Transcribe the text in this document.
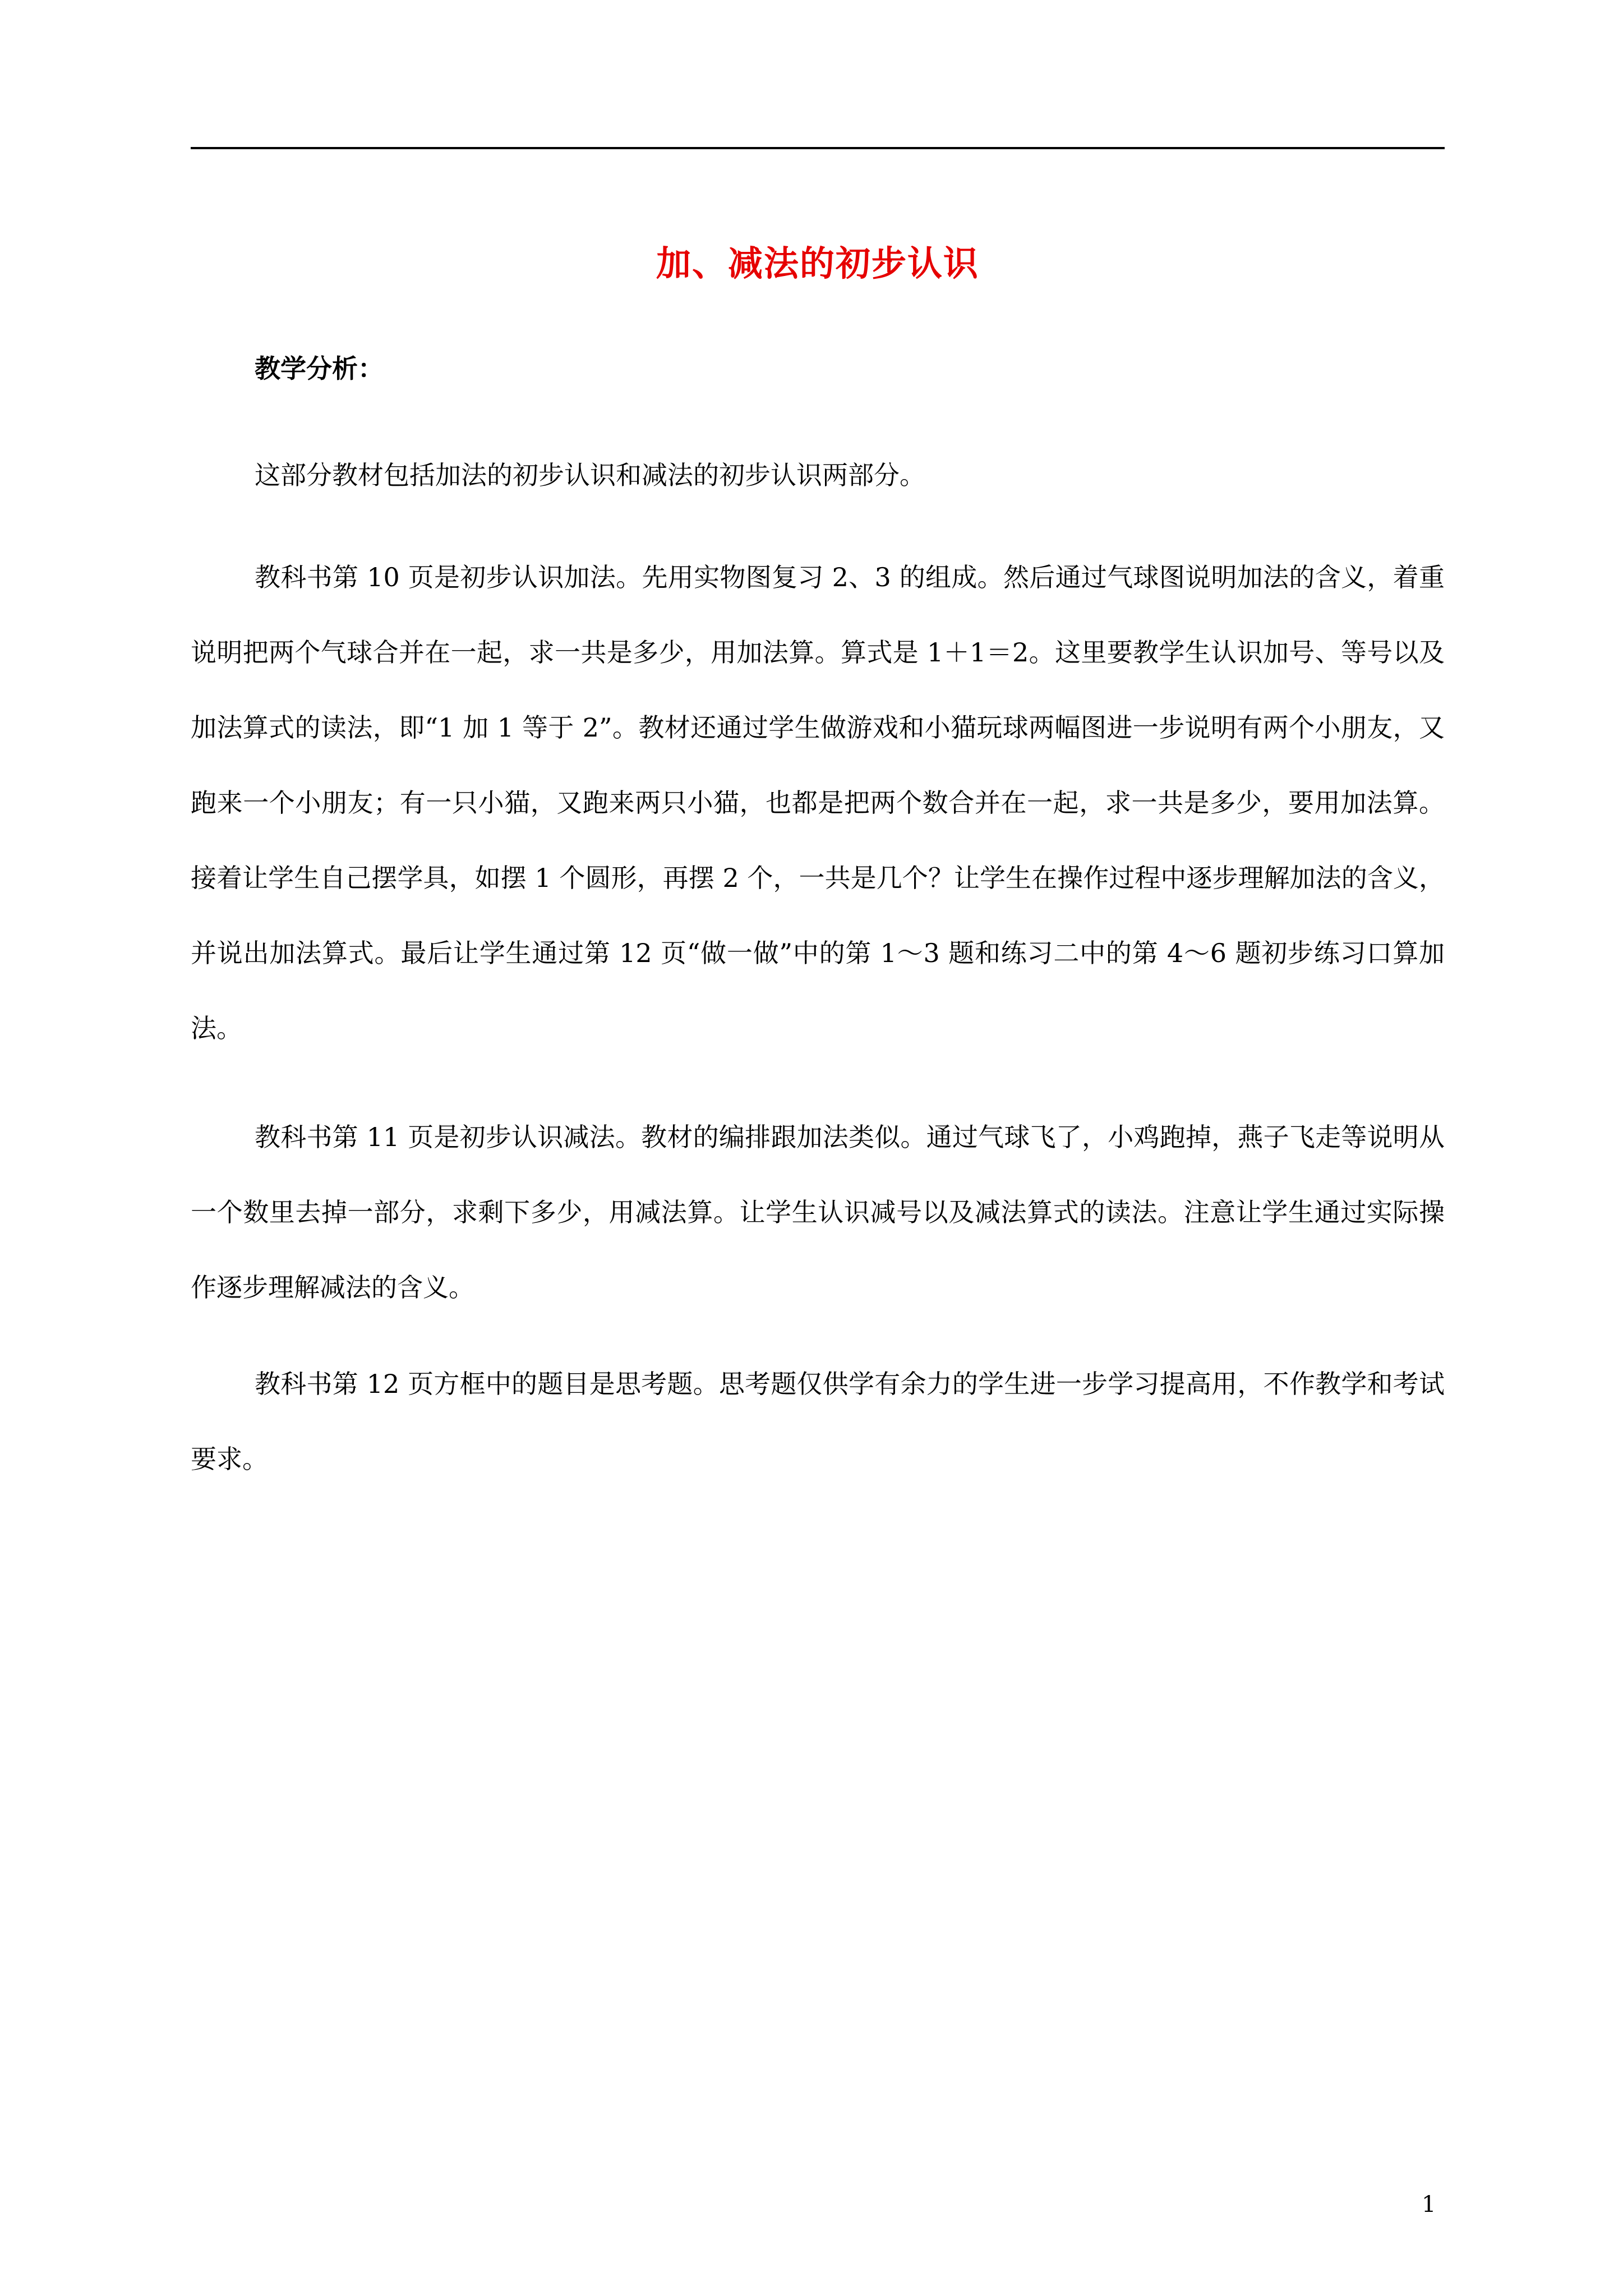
加、减法的初步认识

教学分析：

这部分教材包括加法的初步认识和减法的初步认识两部分。

教科书第 10 页是初步认识加法。先用实物图复习 2、3 的组成。然后通过气球图说明加法的含义，着重说明把两个气球合并在一起，求一共是多少，用加法算。算式是 1＋1＝2。这里要教学生认识加号、等号以及加法算式的读法，即“1 加 1 等于 2”。教材还通过学生做游戏和小猫玩球两幅图进一步说明有两个小朋友，又跑来一个小朋友；有一只小猫，又跑来两只小猫，也都是把两个数合并在一起，求一共是多少，要用加法算。接着让学生自己摆学具，如摆 1 个圆形，再摆 2 个，一共是几个？让学生在操作过程中逐步理解加法的含义，并说出加法算式。最后让学生通过第 12 页“做一做”中的第 1～3 题和练习二中的第 4～6 题初步练习口算加法。

教科书第 11 页是初步认识减法。教材的编排跟加法类似。通过气球飞了，小鸡跑掉，燕子飞走等说明从一个数里去掉一部分，求剩下多少，用减法算。让学生认识减号以及减法算式的读法。注意让学生通过实际操作逐步理解减法的含义。

教科书第 12 页方框中的题目是思考题。思考题仅供学有余力的学生进一步学习提高用，不作教学和考试要求。

1
